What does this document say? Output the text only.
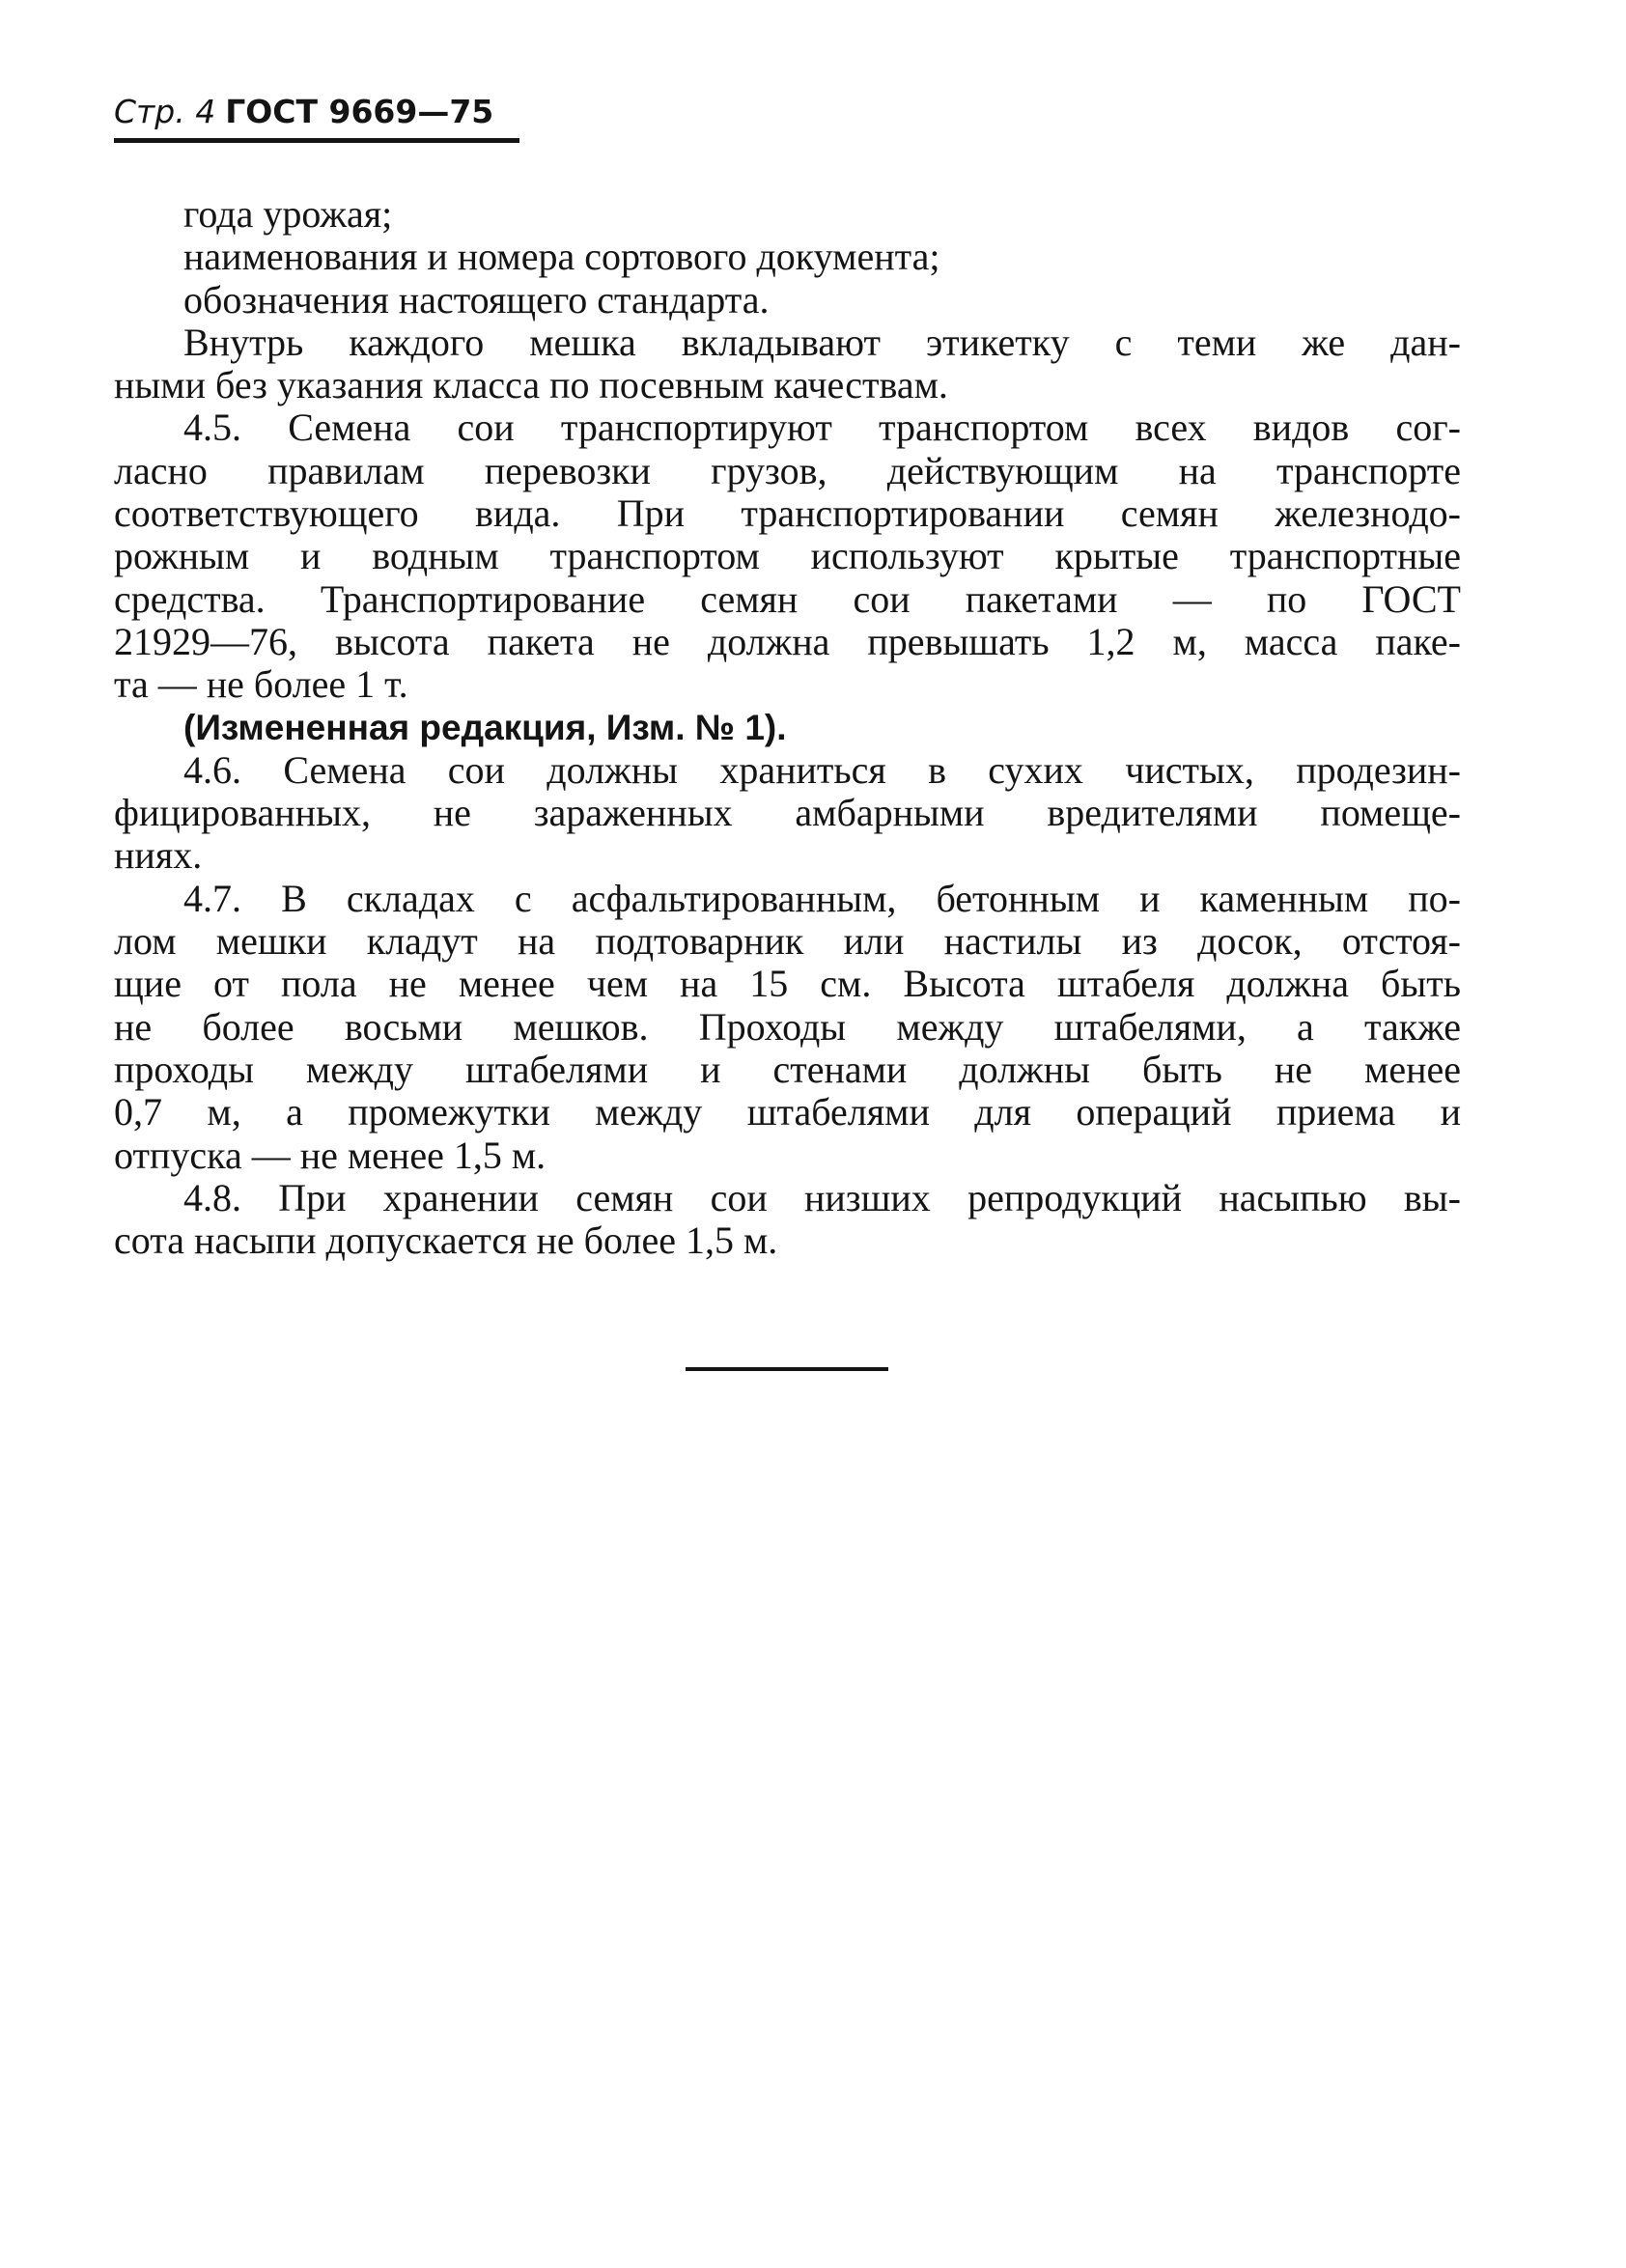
Стр. 4 ГОСТ 9669—75
года урожая;
наименования и номера сортового документа;
обозначения настоящего стандарта.
Внутрь каждого мешка вкладывают этикетку с теми же дан-
ными без указания класса по посевным качествам.
4.5. Семена сои транспортируют транспортом всех видов сог-
ласно правилам перевозки грузов, действующим на транспорте
соответствующего вида. При транспортировании семян железнодо-
рожным и водным транспортом используют крытые транспортные
средства. Транспортирование семян сои пакетами — по ГОСТ
21929—76, высота пакета не должна превышать 1,2 м, масса паке-
та — не более 1 т.
(Измененная редакция, Изм. № 1).
4.6. Семена сои должны храниться в сухих чистых, продезин-
фицированных, не зараженных амбарными вредителями помеще-
ниях.
4.7. В складах с асфальтированным, бетонным и каменным по-
лом мешки кладут на подтоварник или настилы из досок, отстоя-
щие от пола не менее чем на 15 см. Высота штабеля должна быть
не более восьми мешков. Проходы между штабелями, а также
проходы между штабелями и стенами должны быть не менее
0,7 м, а промежутки между штабелями для операций приема и
отпуска — не менее 1,5 м.
4.8. При хранении семян сои низших репродукций насыпью вы-
сота насыпи допускается не более 1,5 м.
